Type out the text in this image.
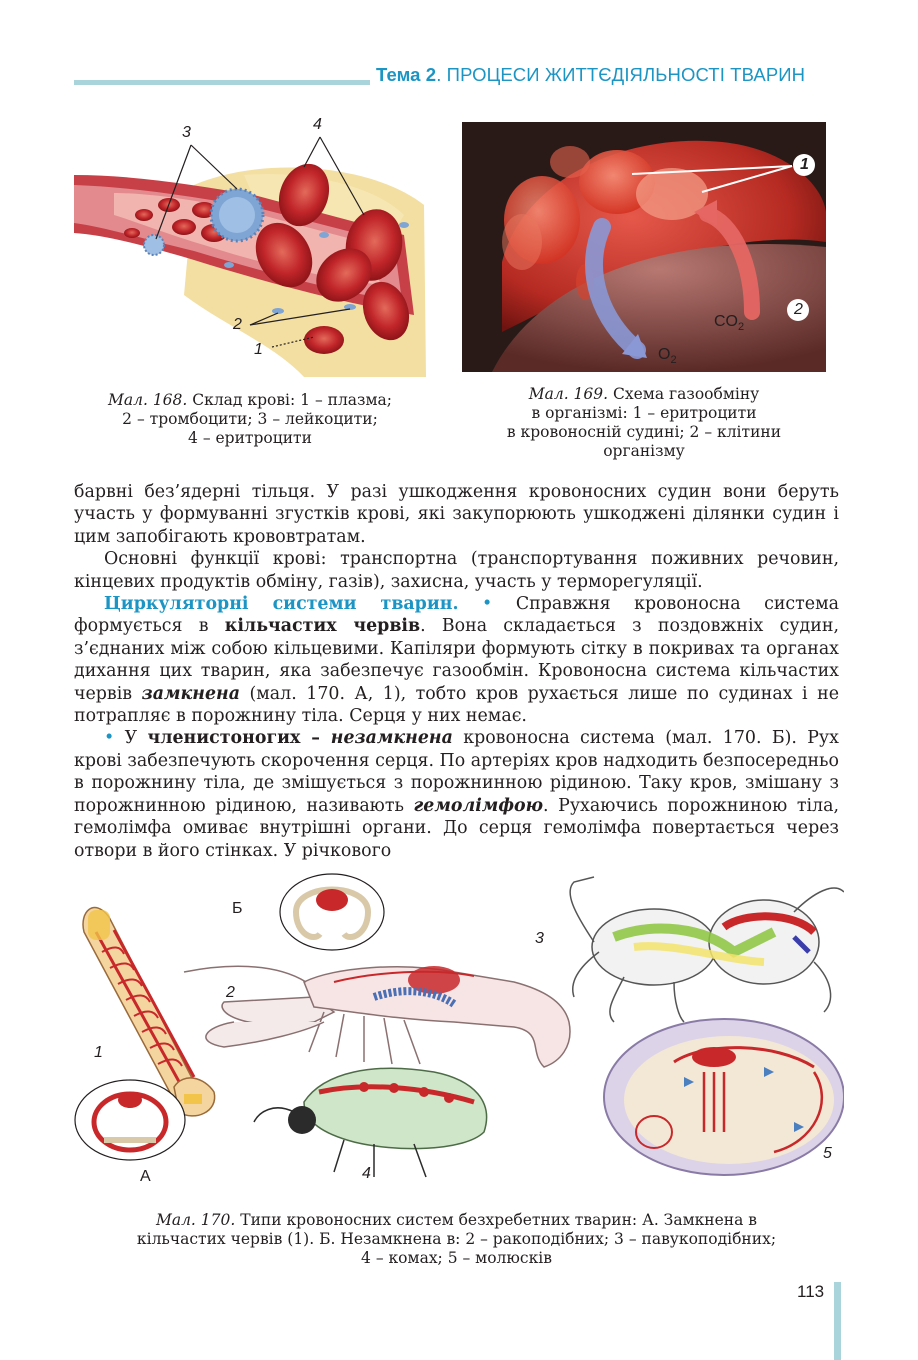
Тема 2. ПРОЦЕСИ ЖИТТЄДІЯЛЬНОСТІ ТВАРИН
3	4
2
1
Мал. 168. Склад крові: 1 – плазма;
2 – тромбоцити; 3 – лейкоцити;
4 – еритроцити
1
2
$CO_2$
$O_2$
Мал. 169. Схема газообміну
в організмі: 1 – еритроцити
в кровоносній судині; 2 – клітини
організму

барвні без’ядерні тільця. У разі ушкодження кровоносних судин вони беруть участь у формуванні згустків крові, які закупорюють ушкоджені ділянки судин і цим запобігають крововтратам.

Основні функції крові: транспортна (транспортування поживних речовин, кінцевих продуктів обміну, газів), захисна, участь у терморегуляції.

Циркуляторні системи тварин. • Справжня кровоносна система формується в кільчастих червів. Вона складається з поздовжніх судин, з’єднаних між собою кільцевими. Капіляри формують сітку в покривах та органах дихання цих тварин, яка забезпечує газообмін. Кровоносна система кільчастих червів замкнена (мал. 170. А, 1), тобто кров рухається лише по судинах і не потрапляє в порожнину тіла. Серця у них немає.

• У членистоногих – незамкнена кровоносна система (мал. 170. Б). Рух крові забезпечують скорочення серця. По артеріях кров надходить безпосередньо в порожнину тіла, де змішується з порожнинною рідиною. Таку кров, змішану з порожнинною рідиною, називають гемолімфою. Рухаючись порожниною тіла, гемолімфа омиває внутрішні органи. До серця гемолімфа повертається через отвори в його стінках. У річкового

Б
А
1
2
3
4
5
Мал. 170. Типи кровоносних систем безхребетних тварин: А. Замкнена в
кільчастих червів (1). Б. Незамкнена в: 2 – ракоподібних; 3 – павукоподібних;
4 – комах; 5 – молюсків
113
